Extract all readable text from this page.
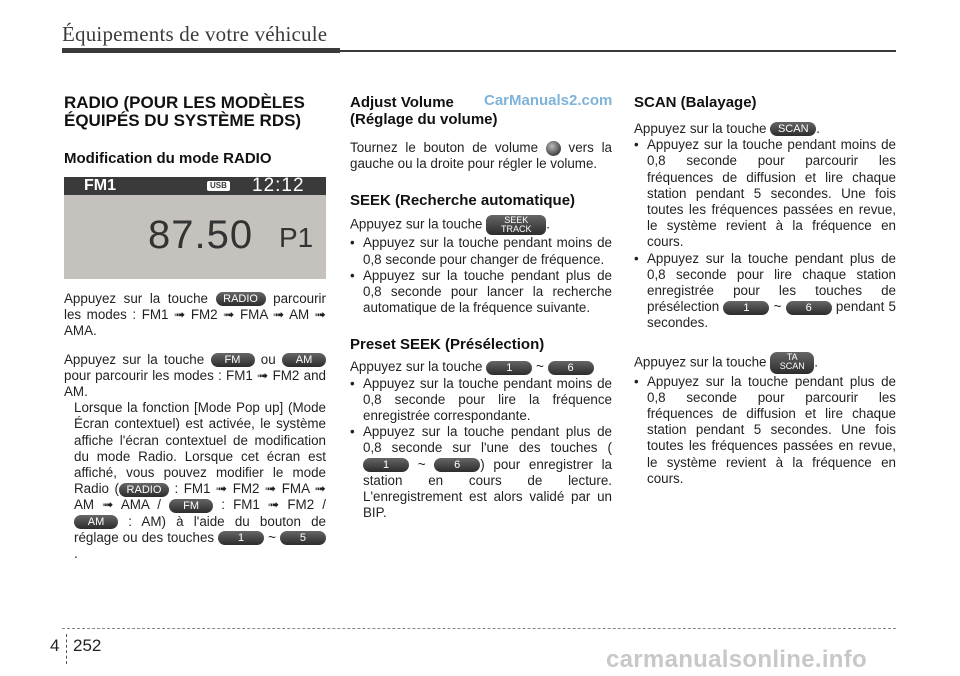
Équipements de votre véhicule
CarManuals2.com
RADIO (POUR LES MODÈLES ÉQUIPÉS DU SYSTÈME RDS)
Modification du mode RADIO
FM1	USB 12:12
87.50 P1

Appuyez sur la touche RADIO parcourir les modes : FM1 ➟ FM2 ➟ FMA ➟ AM ➟ AMA.

Appuyez sur la touche FM ou AM pour parcourir les modes : FM1 ➟ FM2 and AM.

Lorsque la fonction [Mode Pop up] (Mode Écran contextuel) est activée, le système affiche l'écran contextuel de modification du mode Radio. Lorsque cet écran est affiché, vous pouvez modifier le mode Radio ( RADIO : FM1 ➟ FM2 ➟ FMA ➟ AM ➟ AMA / FM : FM1 ➟ FM2 / AM : AM) à l'aide du bouton de réglage ou des touches 1 ~ 5.

Adjust Volume
(Réglage du volume)

Tournez le bouton de volume vers la gauche ou la droite pour régler le volume.

SEEK (Recherche automatique)

Appuyez sur la touche SEEK
TRACK .

• Appuyez sur la touche pendant moins de 0,8 seconde pour changer de fréquence.
• Appuyez sur la touche pendant plus de 0,8 seconde pour lancer la recherche automatique de la fréquence suivante.
Preset SEEK (Présélection)

Appuyez sur la touche 1 ~ 6

• Appuyez sur la touche pendant moins de 0,8 seconde pour lire la fréquence enregistrée correspondante.
• Appuyez sur la touche pendant plus de 0,8 seconde sur l'une des touches (1 ~	6 ) pour enregistrer la station en cours de lecture. L'enregistrement est alors validé par un BIP.
SCAN (Balayage)

Appuyez sur la touche SCAN .

• Appuyez sur la touche pendant moins de 0,8 seconde pour parcourir les fréquences de diffusion et lire chaque station pendant 5 secondes. Une fois toutes les fréquences passées en revue, le système revient à la fréquence en cours.
• Appuyez sur la touche pendant plus de 0,8 seconde pour lire chaque station enregistrée pour les touches de présélection 1 ~ 6 pendant 5 secondes.

Appuyez sur la touche TA
SCAN .

• Appuyez sur la touche pendant plus de 0,8 seconde pour parcourir les fréquences de diffusion et lire chaque station pendant 5 secondes. Une fois toutes les fréquences passées en revue, le système revient à la fréquence en cours.
4 252
carmanualsonline.info
